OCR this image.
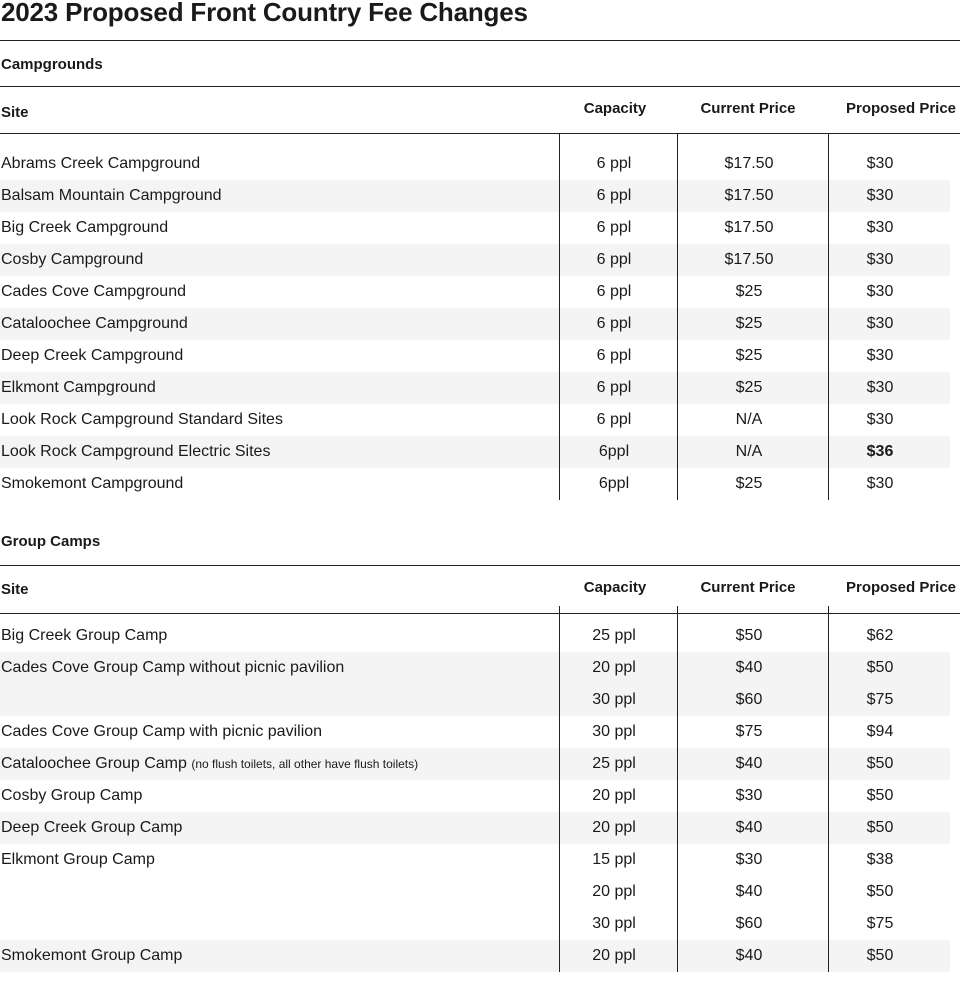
2023 Proposed Front Country Fee Changes
Campgrounds
Site	Capacity	Current Price	Proposed Price
Abrams Creek Campground	6 ppl	$17.50	$30
Balsam Mountain Campground	6 ppl	$17.50	$30
Big Creek Campground	6 ppl	$17.50	$30
Cosby Campground	6 ppl	$17.50	$30
Cades Cove Campground	6 ppl	$25	$30
Cataloochee Campground	6 ppl	$25	$30
Deep Creek Campground	6 ppl	$25	$30
Elkmont Campground	6 ppl	$25	$30
Look Rock Campground Standard Sites	6 ppl	N/A	$30
Look Rock Campground Electric Sites	6ppl	N/A	$36
Smokemont Campground	6ppl	$25	$30
Group Camps
Site	Capacity	Current Price	Proposed Price
Big Creek Group Camp	25 ppl	$50	$62
Cades Cove Group Camp without picnic pavilion	20 ppl	$40	$50
30 ppl	$60	$75
Cades Cove Group Camp with picnic pavilion	30 ppl	$75	$94
Cataloochee Group Camp (no flush toilets, all other have flush toilets)	25 ppl	$40	$50
Cosby Group Camp	20 ppl	$30	$50
Deep Creek Group Camp	20 ppl	$40	$50
Elkmont Group Camp	15 ppl	$30	$38
20 ppl	$40	$50
30 ppl	$60	$75
Smokemont Group Camp	20 ppl	$40	$50
